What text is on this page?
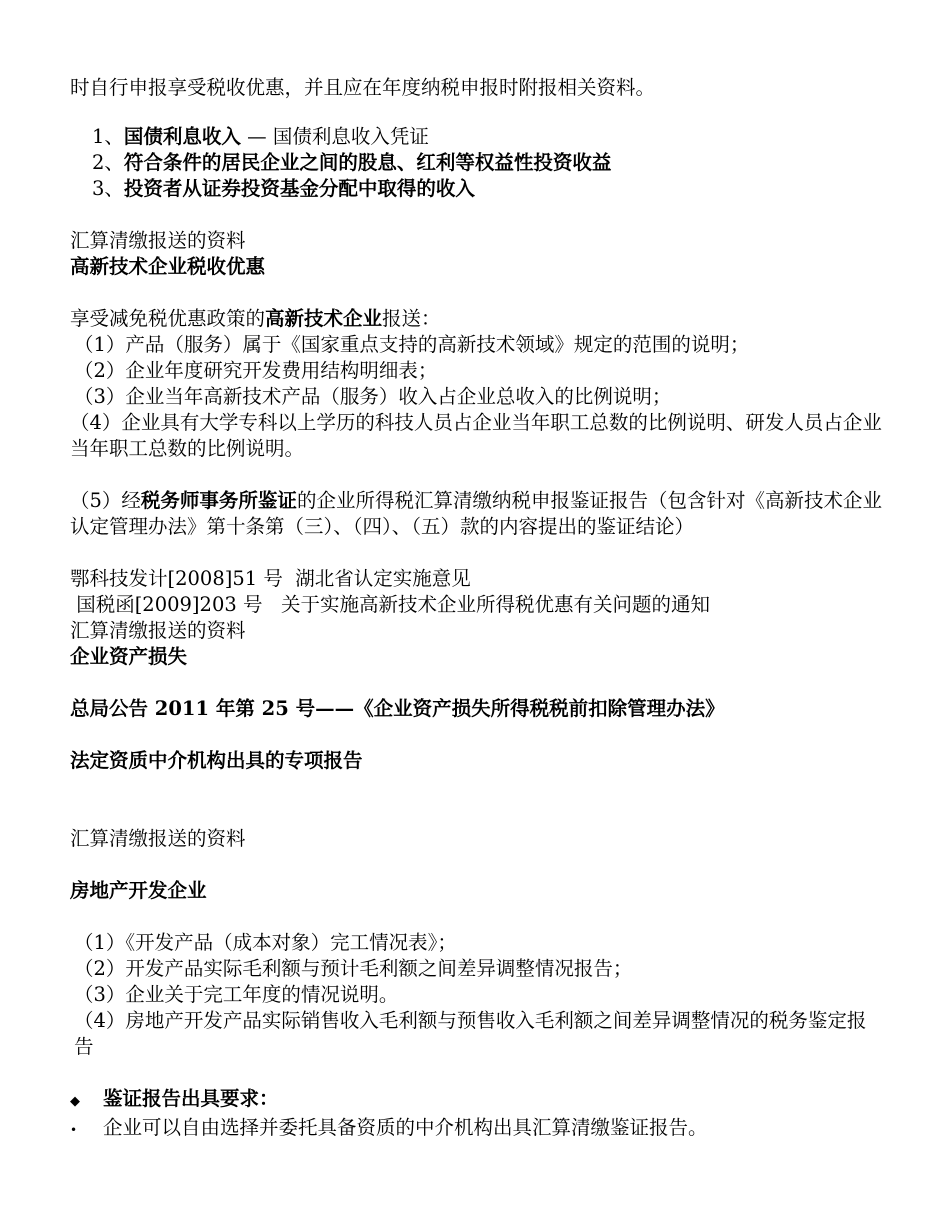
时自行申报享受税收优惠，并且应在年度纳税申报时附报相关资料。

1、国债利息收入 — 国债利息收入凭证

2、符合条件的居民企业之间的股息、红利等权益性投资收益

3、投资者从证券投资基金分配中取得的收入

汇算清缴报送的资料

高新技术企业税收优惠

享受减免税优惠政策的高新技术企业报送：

（1）产品（服务）属于《国家重点支持的高新技术领域》规定的范围的说明；

（2）企业年度研究开发费用结构明细表；

（3）企业当年高新技术产品（服务）收入占企业总收入的比例说明；

（4）企业具有大学专科以上学历的科技人员占企业当年职工总数的比例说明、研发人员占企业当年职工总数的比例说明。

（5）经税务师事务所鉴证的企业所得税汇算清缴纳税申报鉴证报告（包含针对《高新技术企业认定管理办法》第十条第（三）、（四）、（五）款的内容提出的鉴证结论）

鄂科技发计[2008]51 号  湖北省认定实施意见

国税函[2009]203 号   关于实施高新技术企业所得税优惠有关问题的通知

汇算清缴报送的资料

企业资产损失

总局公告 2011 年第 25 号——《企业资产损失所得税税前扣除管理办法》

法定资质中介机构出具的专项报告

汇算清缴报送的资料

房地产开发企业

（1）《开发产品（成本对象）完工情况表》；

（2）开发产品实际毛利额与预计毛利额之间差异调整情况报告；

（3）企业关于完工年度的情况说明。

（4）房地产开发产品实际销售收入毛利额与预售收入毛利额之间差异调整情况的税务鉴定报告

◆	鉴证报告出具要求：
•	企业可以自由选择并委托具备资质的中介机构出具汇算清缴鉴证报告。
